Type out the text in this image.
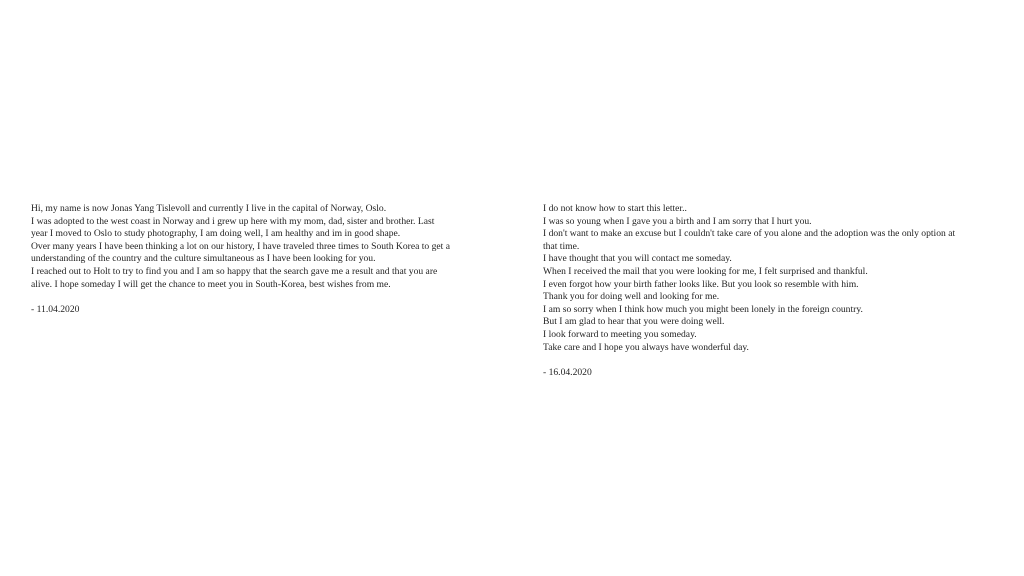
Hi, my name is now Jonas Yang Tislevoll and currently I live in the capital of Norway, Oslo.

I was adopted to the west coast in Norway and i grew up here with my mom, dad, sister and brother. Last

year I moved to Oslo to study photography, I am doing well, I am healthy and im in good shape.

Over many years I have been thinking a lot on our history, I have traveled three times to South Korea to get a

understanding of the country and the culture simultaneous as I have been looking for you.

I reached out to Holt to try to find you and I am so happy that the search gave me a result and that you are

alive. I hope someday I will get the chance to meet you in South-Korea, best wishes from me.

- 11.04.2020

I do not know how to start this letter..

I was so young when I gave you a birth and I am sorry that I hurt you.

I don't want to make an excuse but I couldn't take care of you alone and the adoption was the only option at

that time.

I have thought that you will contact me someday.

When I received the mail that you were looking for me, I felt surprised and thankful.

I even forgot how your birth father looks like. But you look so resemble with him.

Thank you for doing well and looking for me.

I am so sorry when I think how much you might been lonely in the foreign country.

But I am glad to hear that you were doing well.

I look forward to meeting you someday.

Take care and I hope you always have wonderful day.

- 16.04.2020
